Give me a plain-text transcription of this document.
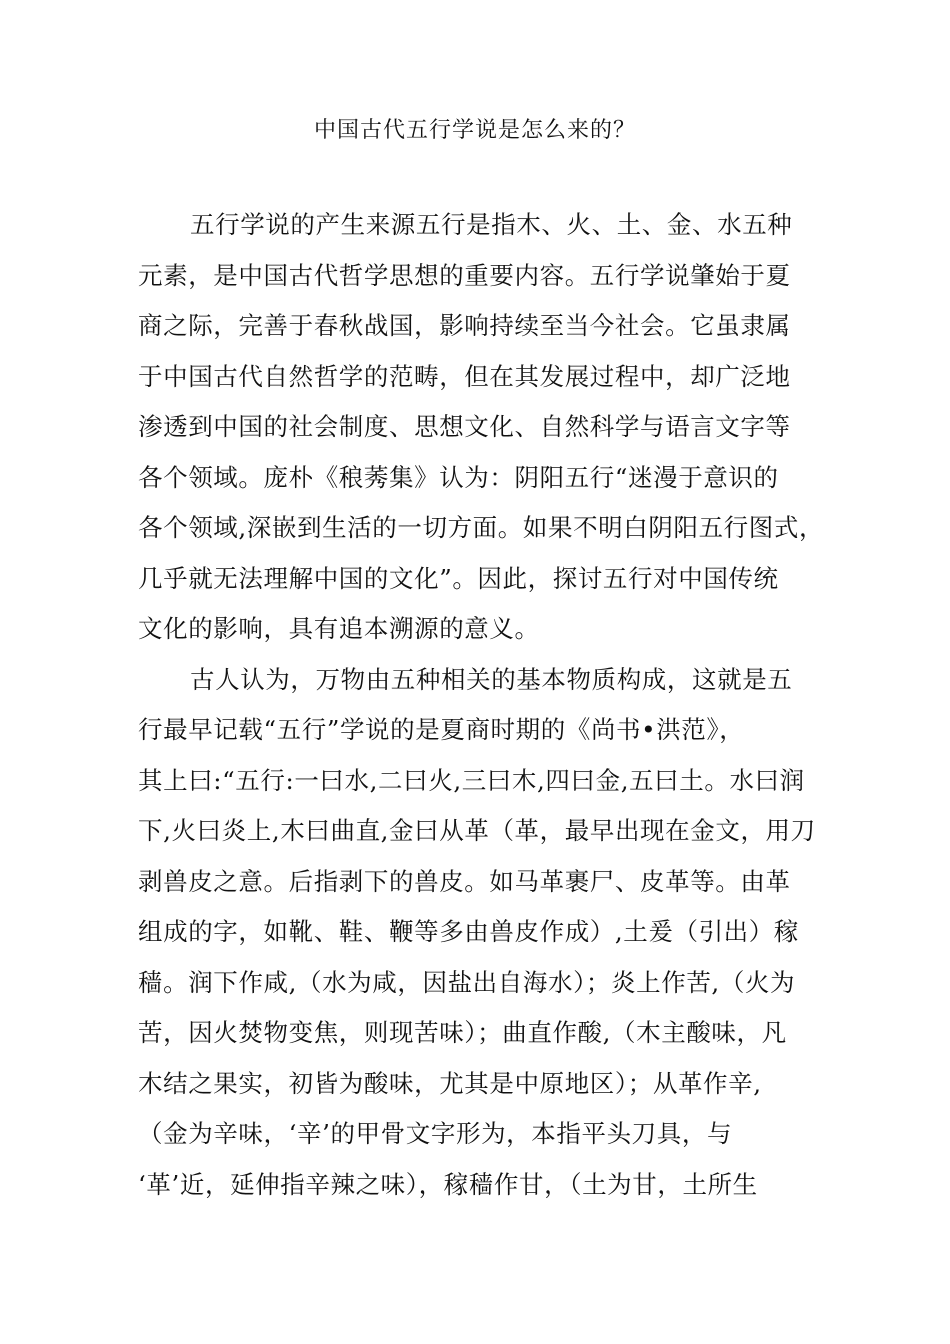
中国古代五行学说是怎么来的？
五行学说的产生来源五行是指木、火、土、金、水五种
元素，是中国古代哲学思想的重要内容。五行学说肇始于夏
商之际，完善于春秋战国，影响持续至当今社会。它虽隶属
于中国古代自然哲学的范畴，但在其发展过程中，却广泛地
渗透到中国的社会制度、思想文化、自然科学与语言文字等
各个领域。庞朴《稂莠集》认为：阴阳五行“迷漫于意识的
各个领域,深嵌到生活的一切方面。如果不明白阴阳五行图式，
几乎就无法理解中国的文化”。因此，探讨五行对中国传统
文化的影响，具有追本溯源的意义。
古人认为，万物由五种相关的基本物质构成，这就是五
行最早记载“五行”学说的是夏商时期的《尚书•洪范》，
其上曰:“五行:一曰水,二曰火,三曰木,四曰金,五曰土。水曰润
下,火曰炎上,木曰曲直,金曰从革（革，最早出现在金文，用刀
剥兽皮之意。后指剥下的兽皮。如马革裹尸、皮革等。由革
组成的字，如靴、鞋、鞭等多由兽皮作成）,土爰（引出）稼
穑。润下作咸,（水为咸，因盐出自海水）；炎上作苦,（火为
苦，因火焚物变焦，则现苦味）；曲直作酸,（木主酸味，凡
木结之果实，初皆为酸味，尤其是中原地区）；从革作辛,
（金为辛味，‘辛’的甲骨文字形为，本指平头刀具，与
‘革’近，延伸指辛辣之味），稼穑作甘，（土为甘，土所生
